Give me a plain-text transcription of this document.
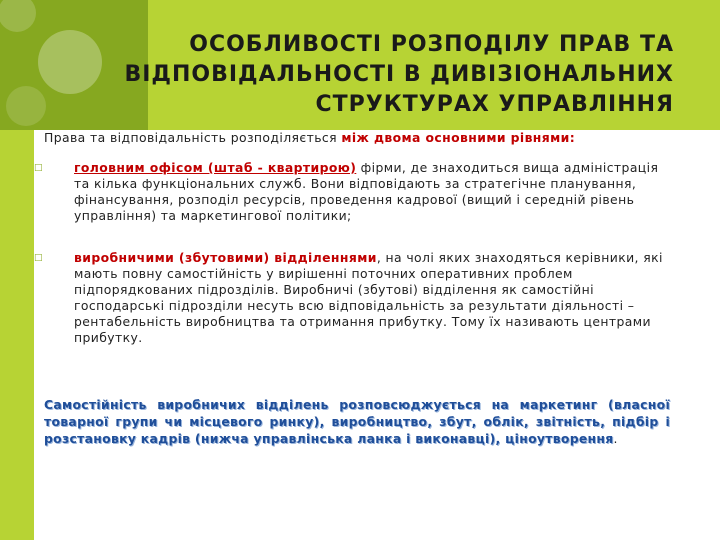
ОСОБЛИВОСТІ РОЗПОДІЛУ ПРАВ ТА ВІДПОВІДАЛЬНОСТІ В ДИВІЗІОНАЛЬНИХ СТРУКТУРАХ УПРАВЛІННЯ

Права та відповідальність розподіляється між двома основними рівнями:

□	головним офісом (штаб - квартирою) фірми, де знаходиться вища адміністрація та кілька функціональних служб. Вони відповідають за стратегічне планування, фінансування, розподіл ресурсів, проведення кадрової (вищий і середній рівень управління) та маркетингової політики;

□	виробничими (збутовими) відділеннями, на чолі яких знаходяться керівники, які мають повну самостійність у вирішенні поточних оперативних проблем підпорядкованих підрозділів. Виробничі (збутові) відділення як самостійні господарські підрозділи несуть всю відповідальність за результати діяльності – рентабельність виробництва та отримання прибутку. Тому їх називають центрами прибутку.

Самостійність виробничих відділень розповсюджується на маркетинг (власної товарної групи чи місцевого ринку), виробництво, збут, облік, звітність, підбір і розстановку кадрів (нижча управлінська ланка і виконавці), ціноутворення.
